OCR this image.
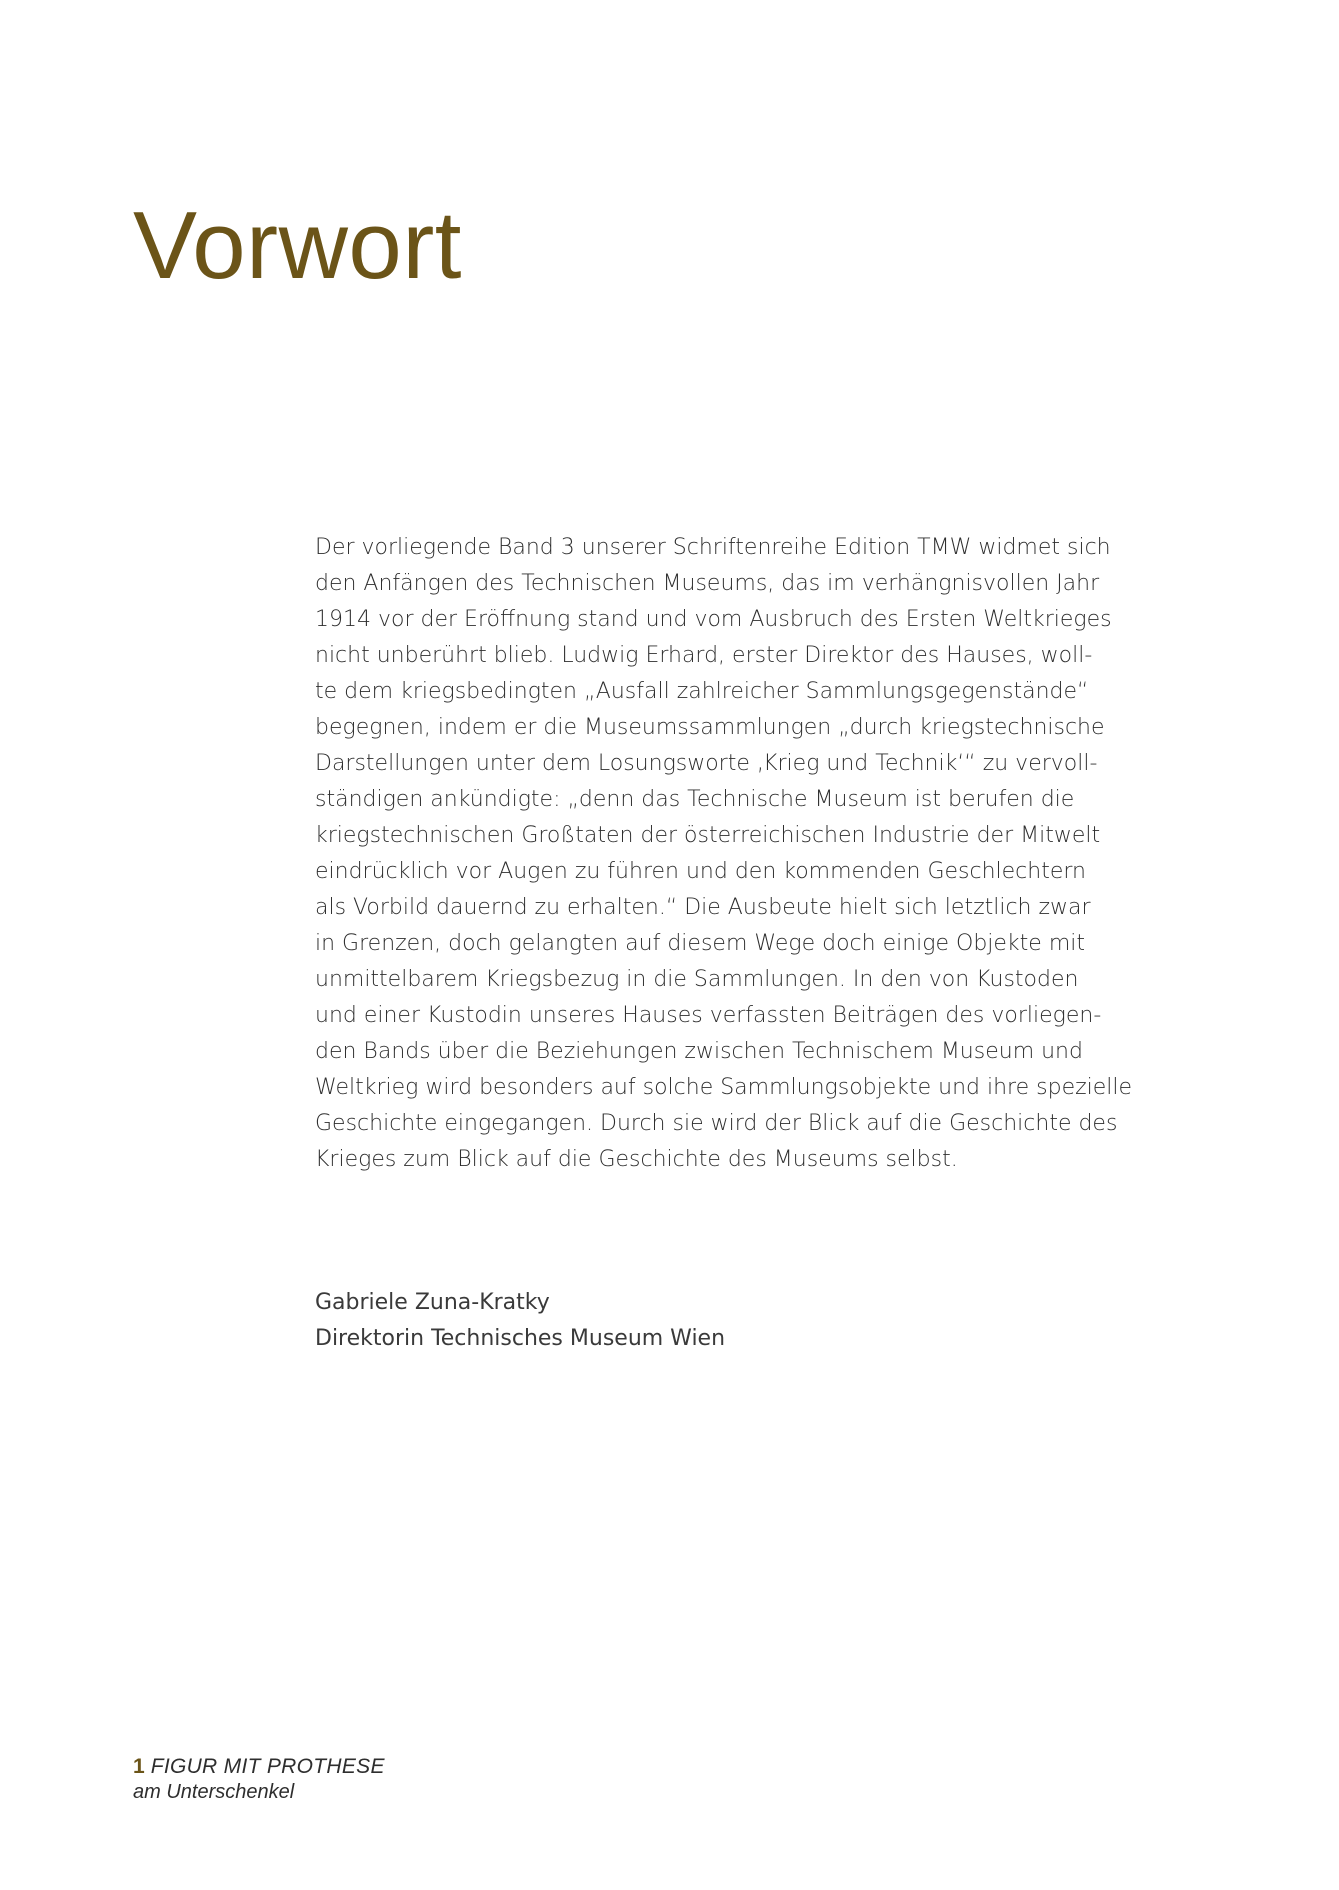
Vorwort
Der vorliegende Band 3 unserer Schriftenreihe Edition TMW widmet sich
den Anfängen des Technischen Museums, das im verhängnisvollen Jahr
1914 vor der Eröffnung stand und vom Ausbruch des Ersten Weltkrieges
nicht unberührt blieb. Ludwig Erhard, erster Direktor des Hauses, woll-
te dem kriegsbedingten „Ausfall zahlreicher Sammlungsgegenstände“
begegnen, indem er die Museumssammlungen „durch kriegstechnische
Darstellungen unter dem Losungsworte ‚Krieg und Technik‘“ zu vervoll-
ständigen ankündigte: „denn das Technische Museum ist berufen die
kriegstechnischen Großtaten der österreichischen Industrie der Mitwelt
eindrücklich vor Augen zu führen und den kommenden Geschlechtern
als Vorbild dauernd zu erhalten.“ Die Ausbeute hielt sich letztlich zwar
in Grenzen, doch gelangten auf diesem Wege doch einige Objekte mit
unmittelbarem Kriegsbezug in die Sammlungen. In den von Kustoden
und einer Kustodin unseres Hauses verfassten Beiträgen des vorliegen-
den Bands über die Beziehungen zwischen Technischem Museum und
Weltkrieg wird besonders auf solche Sammlungsobjekte und ihre spezielle
Geschichte eingegangen. Durch sie wird der Blick auf die Geschichte des
Krieges zum Blick auf die Geschichte des Museums selbst.
Gabriele Zuna-Kratky
Direktorin Technisches Museum Wien
1 FIGUR MIT PROTHESE
am Unterschenkel
